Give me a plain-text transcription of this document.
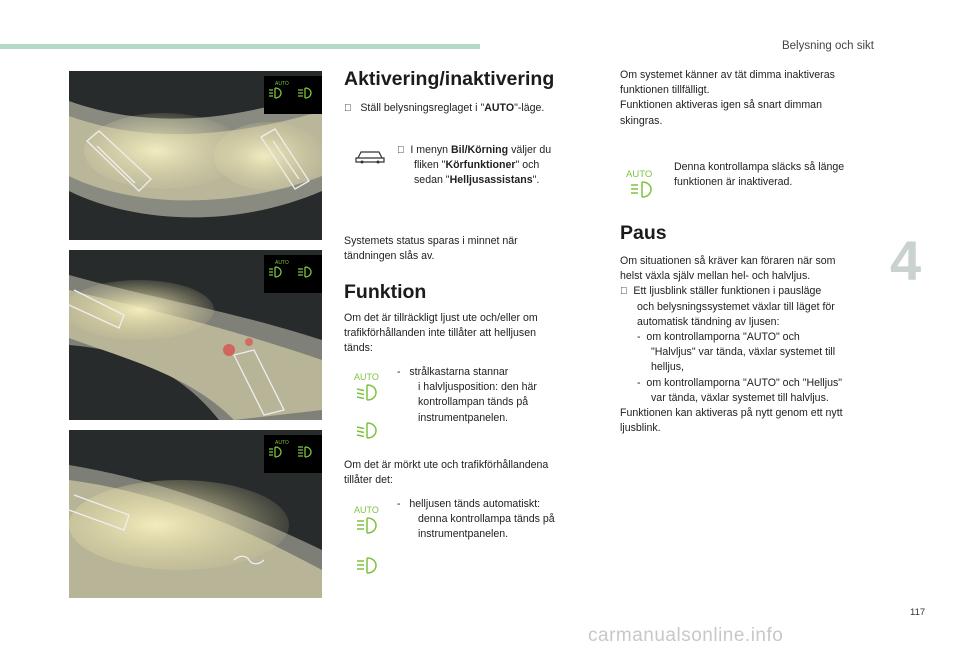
Belysning och sikt
4
117
carmanualsonline.info
AUTO
AUTO
AUTO
Aktivering/inaktivering
Ställ belysningsreglaget i "AUTO"-läge.
I menyn Bil/Körning väljer du
fliken "Körfunktioner" och
sedan "Helljusassistans".
Systemets status sparas i minnet när
tändningen slås av.
Funktion
Om det är tillräckligt ljust ute och/eller om
trafikförhållanden inte tillåter att helljusen
tänds:
AUTO - strålkastarna stannar
i halvljusposition: den här
kontrollampan tänds på
instrumentpanelen.
Om det är mörkt ute och trafikförhållandena
tillåter det:
AUTO - helljusen tänds automatiskt:
denna kontrollampa tänds på
instrumentpanelen.
Om systemet känner av tät dimma inaktiveras
funktionen tillfälligt.
Funktionen aktiveras igen så snart dimman
skingras.
AUTO
Denna kontrollampa släcks så länge
funktionen är inaktiverad.
Paus
Om situationen så kräver kan föraren när som
helst växla själv mellan hel- och halvljus.
Ett ljusblink ställer funktionen i pausläge
och belysningssystemet växlar till läget för
automatisk tändning av ljusen:
- om kontrollamporna "AUTO" och
"Halvljus" var tända, växlar systemet till
helljus,
- om kontrollamporna "AUTO" och "Helljus"
var tända, växlar systemet till halvljus.
Funktionen kan aktiveras på nytt genom ett nytt
ljusblink.
